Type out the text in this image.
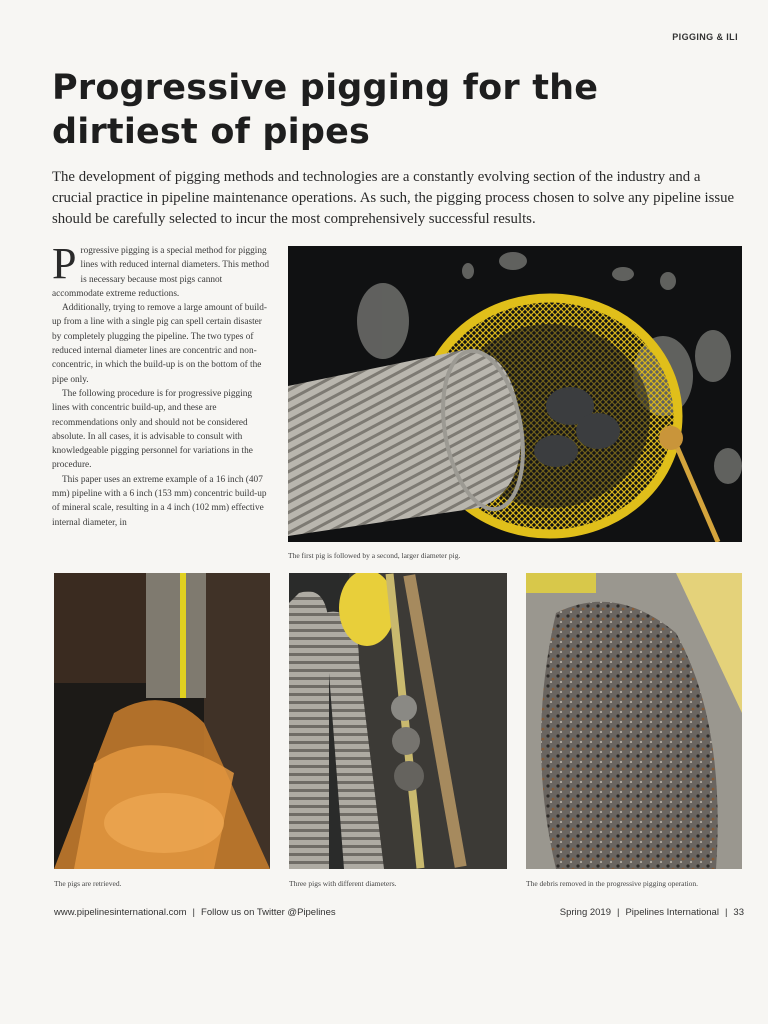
PIGGING & ILI
Progressive pigging for the dirtiest of pipes

The development of pigging methods and technologies are a constantly evolving section of the industry and a crucial practice in pipeline maintenance operations. As such, the pigging process chosen to solve any pipeline issue should be carefully selected to incur the most comprehensively successful results.

Progressive pigging is a special method for pigging lines with reduced internal diameters. This method is necessary because most pigs cannot accommodate extreme reductions.

Additionally, trying to remove a large amount of build-up from a line with a single pig can spell certain disaster by completely plugging the pipeline. The two types of reduced internal diameter lines are concentric and non-concentric, in which the build-up is on the bottom of the pipe only.

The following procedure is for progressive pigging lines with concentric build-up, and these are recommendations only and should not be considered absolute. In all cases, it is advisable to consult with knowledgeable pigging personnel for variations in the procedure.

This paper uses an extreme example of a 16 inch (407 mm) pipeline with a 6 inch (153 mm) concentric build-up of mineral scale, resulting in a 4 inch (102 mm) effective internal diameter, in

The first pig is followed by a second, larger diameter pig.
The pigs are retrieved.	Three pigs with different diameters.	The debris removed in the progressive pigging operation.
www.pipelinesinternational.com | Follow us on Twitter @Pipelines	Spring 2019 | Pipelines International | 33
